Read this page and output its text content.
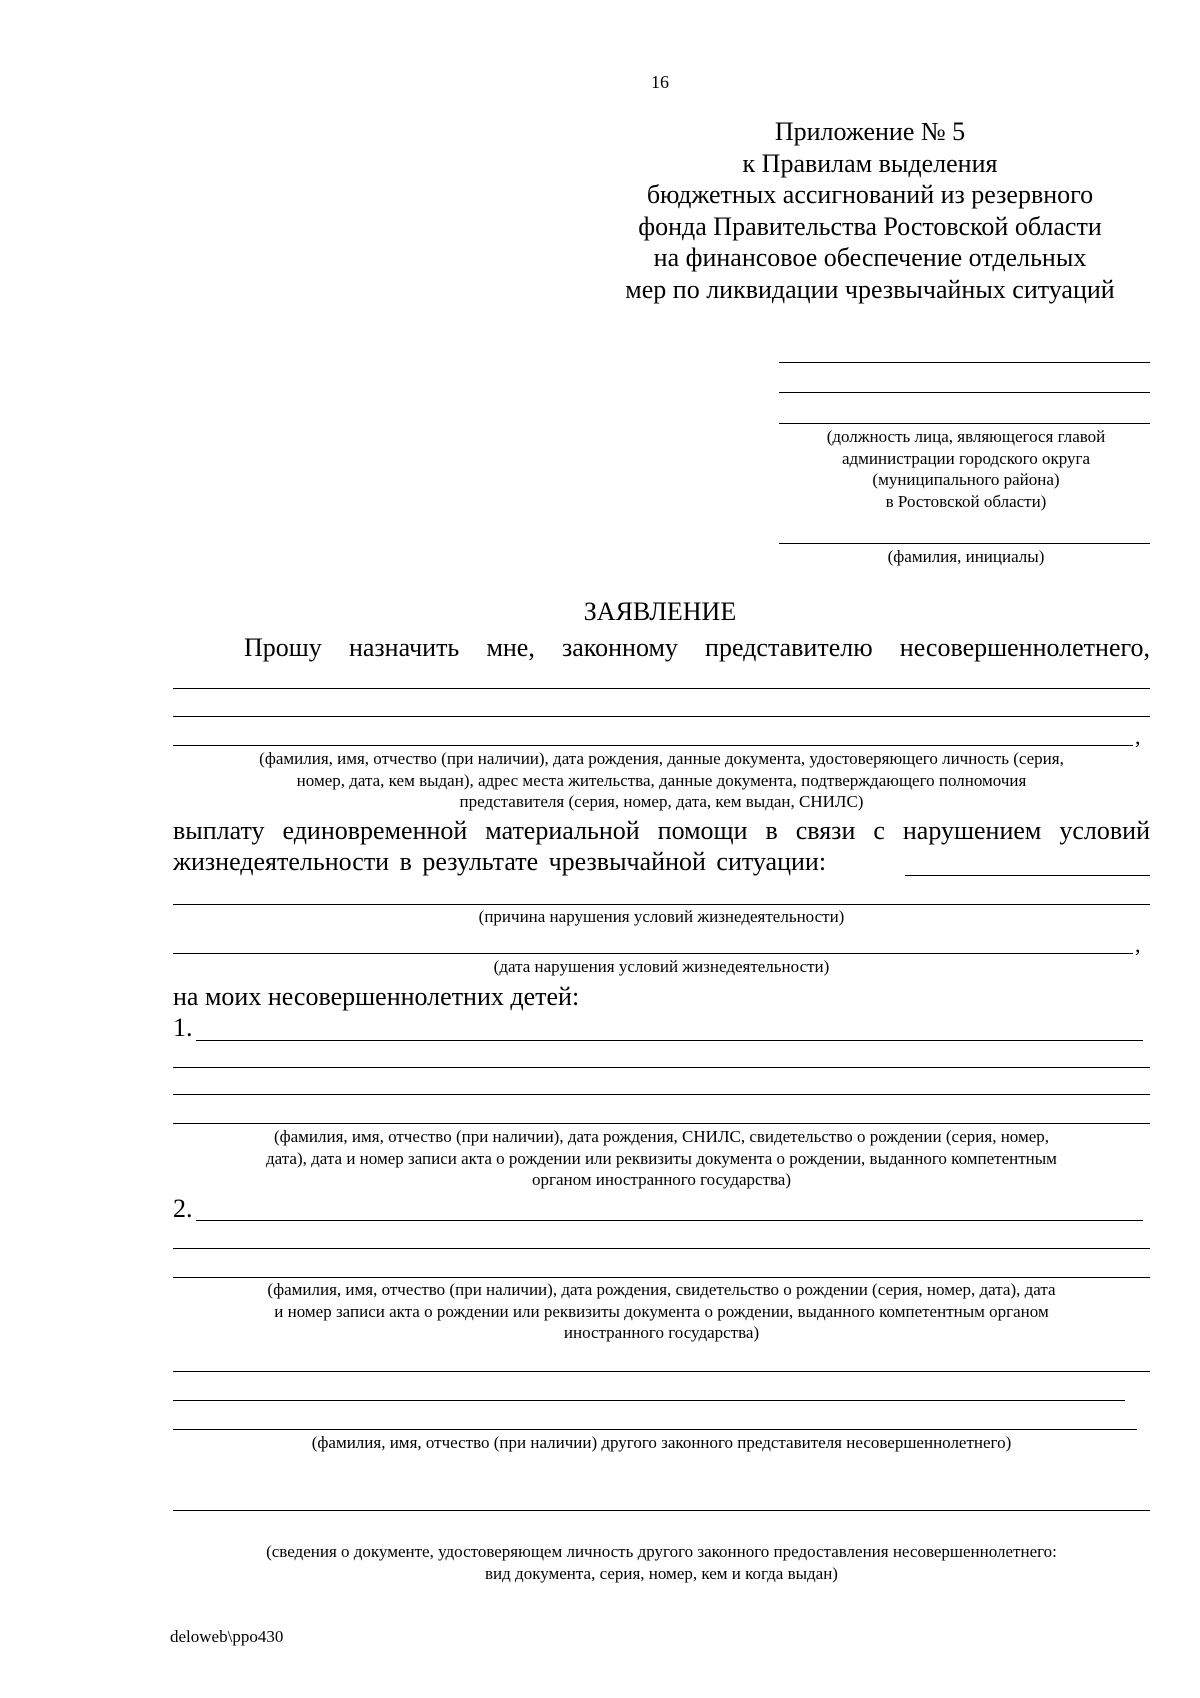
16
Приложение № 5
к Правилам выделения
бюджетных ассигнований из резервного
фонда Правительства Ростовской области
на финансовое обеспечение отдельных
мер по ликвидации чрезвычайных ситуаций
(должность лица, являющегося главой
администрации городского округа
(муниципального района)
в Ростовской области)
(фамилия, инициалы)
ЗАЯВЛЕНИЕ
Прошу назначить мне, законному представителю несовершеннолетнего,
,
(фамилия, имя, отчество (при наличии), дата рождения, данные документа, удостоверяющего личность (серия,
номер, дата, кем выдан), адрес места жительства, данные документа, подтверждающего полномочия
представителя (серия, номер, дата, кем выдан, СНИЛС)
выплату единовременной материальной помощи в связи с нарушением условий
жизнедеятельности в результате чрезвычайной ситуации:
(причина нарушения условий жизнедеятельности)
,
(дата нарушения условий жизнедеятельности)
на моих несовершеннолетних детей:
1.
(фамилия, имя, отчество (при наличии), дата рождения, СНИЛС, свидетельство о рождении (серия, номер,
дата), дата и номер записи акта о рождении или реквизиты документа о рождении, выданного компетентным
органом иностранного государства)
2.
(фамилия, имя, отчество (при наличии), дата рождения, свидетельство о рождении (серия, номер, дата), дата
и номер записи акта о рождении или реквизиты документа о рождении, выданного компетентным органом
иностранного государства)
(фамилия, имя, отчество (при наличии) другого законного представителя несовершеннолетнего)
(сведения о документе, удостоверяющем личность другого законного предоставления несовершеннолетнего:
вид документа, серия, номер, кем и когда выдан)
deloweb\ppo430
